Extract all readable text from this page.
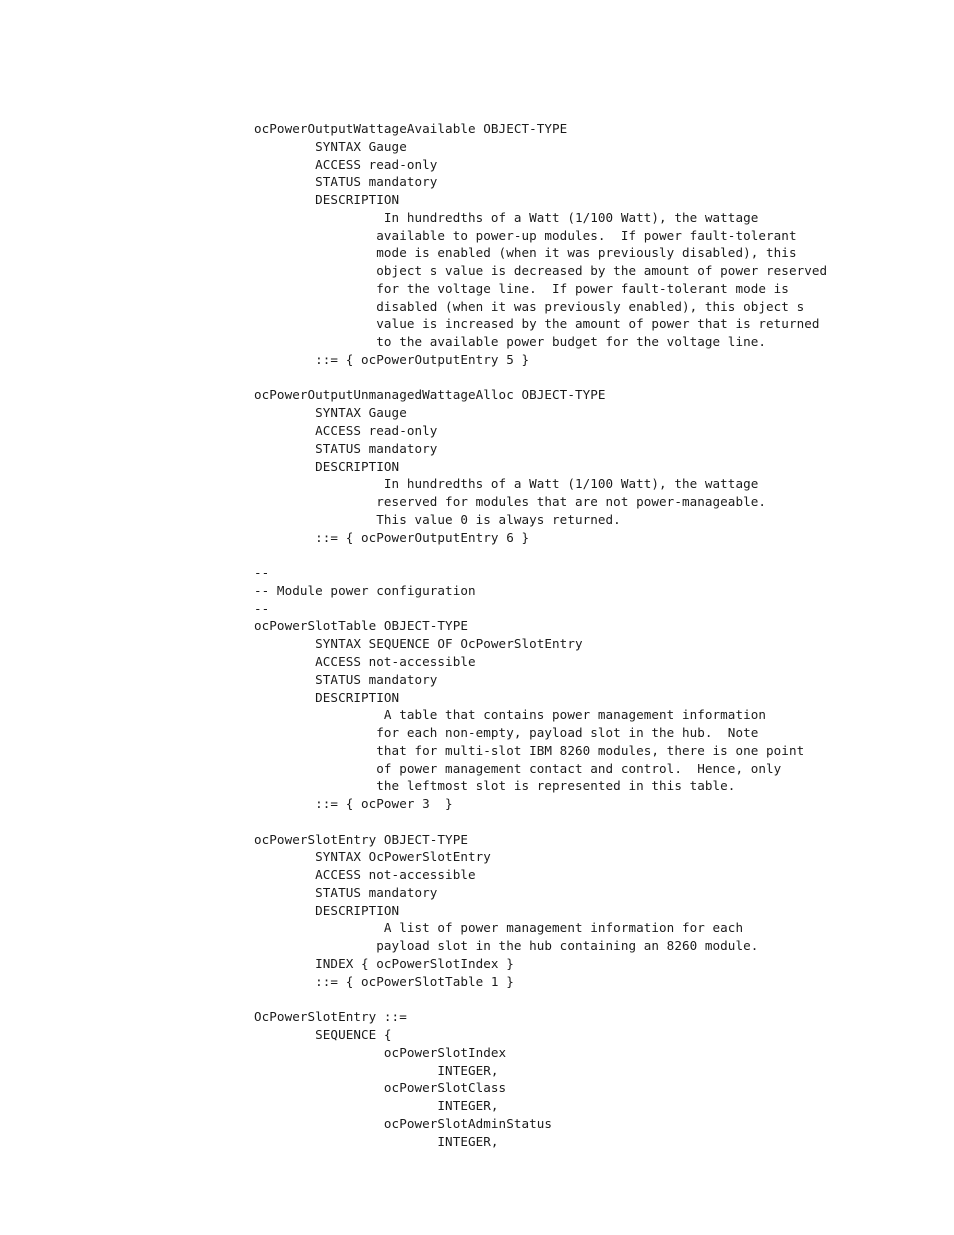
ocPowerOutputWattageAvailable OBJECT-TYPE
SYNTAX Gauge
ACCESS read-only
STATUS mandatory
DESCRIPTION
In hundredths of a Watt (1/100 Watt), the wattage
available to power-up modules.  If power fault-tolerant
mode is enabled (when it was previously disabled), this
object s value is decreased by the amount of power reserved
for the voltage line.  If power fault-tolerant mode is
disabled (when it was previously enabled), this object s
value is increased by the amount of power that is returned
to the available power budget for the voltage line.
::= { ocPowerOutputEntry 5 }
ocPowerOutputUnmanagedWattageAlloc OBJECT-TYPE
SYNTAX Gauge
ACCESS read-only
STATUS mandatory
DESCRIPTION
In hundredths of a Watt (1/100 Watt), the wattage
reserved for modules that are not power-manageable.
This value 0 is always returned.
::= { ocPowerOutputEntry 6 }
--
-- Module power configuration
--
ocPowerSlotTable OBJECT-TYPE
SYNTAX SEQUENCE OF OcPowerSlotEntry
ACCESS not-accessible
STATUS mandatory
DESCRIPTION
A table that contains power management information
for each non-empty, payload slot in the hub.  Note
that for multi-slot IBM 8260 modules, there is one point
of power management contact and control.  Hence, only
the leftmost slot is represented in this table.
::= { ocPower 3  }
ocPowerSlotEntry OBJECT-TYPE
SYNTAX OcPowerSlotEntry
ACCESS not-accessible
STATUS mandatory
DESCRIPTION
A list of power management information for each
payload slot in the hub containing an 8260 module.
INDEX { ocPowerSlotIndex }
::= { ocPowerSlotTable 1 }
OcPowerSlotEntry ::=
SEQUENCE {
ocPowerSlotIndex
INTEGER,
ocPowerSlotClass
INTEGER,
ocPowerSlotAdminStatus
INTEGER,
